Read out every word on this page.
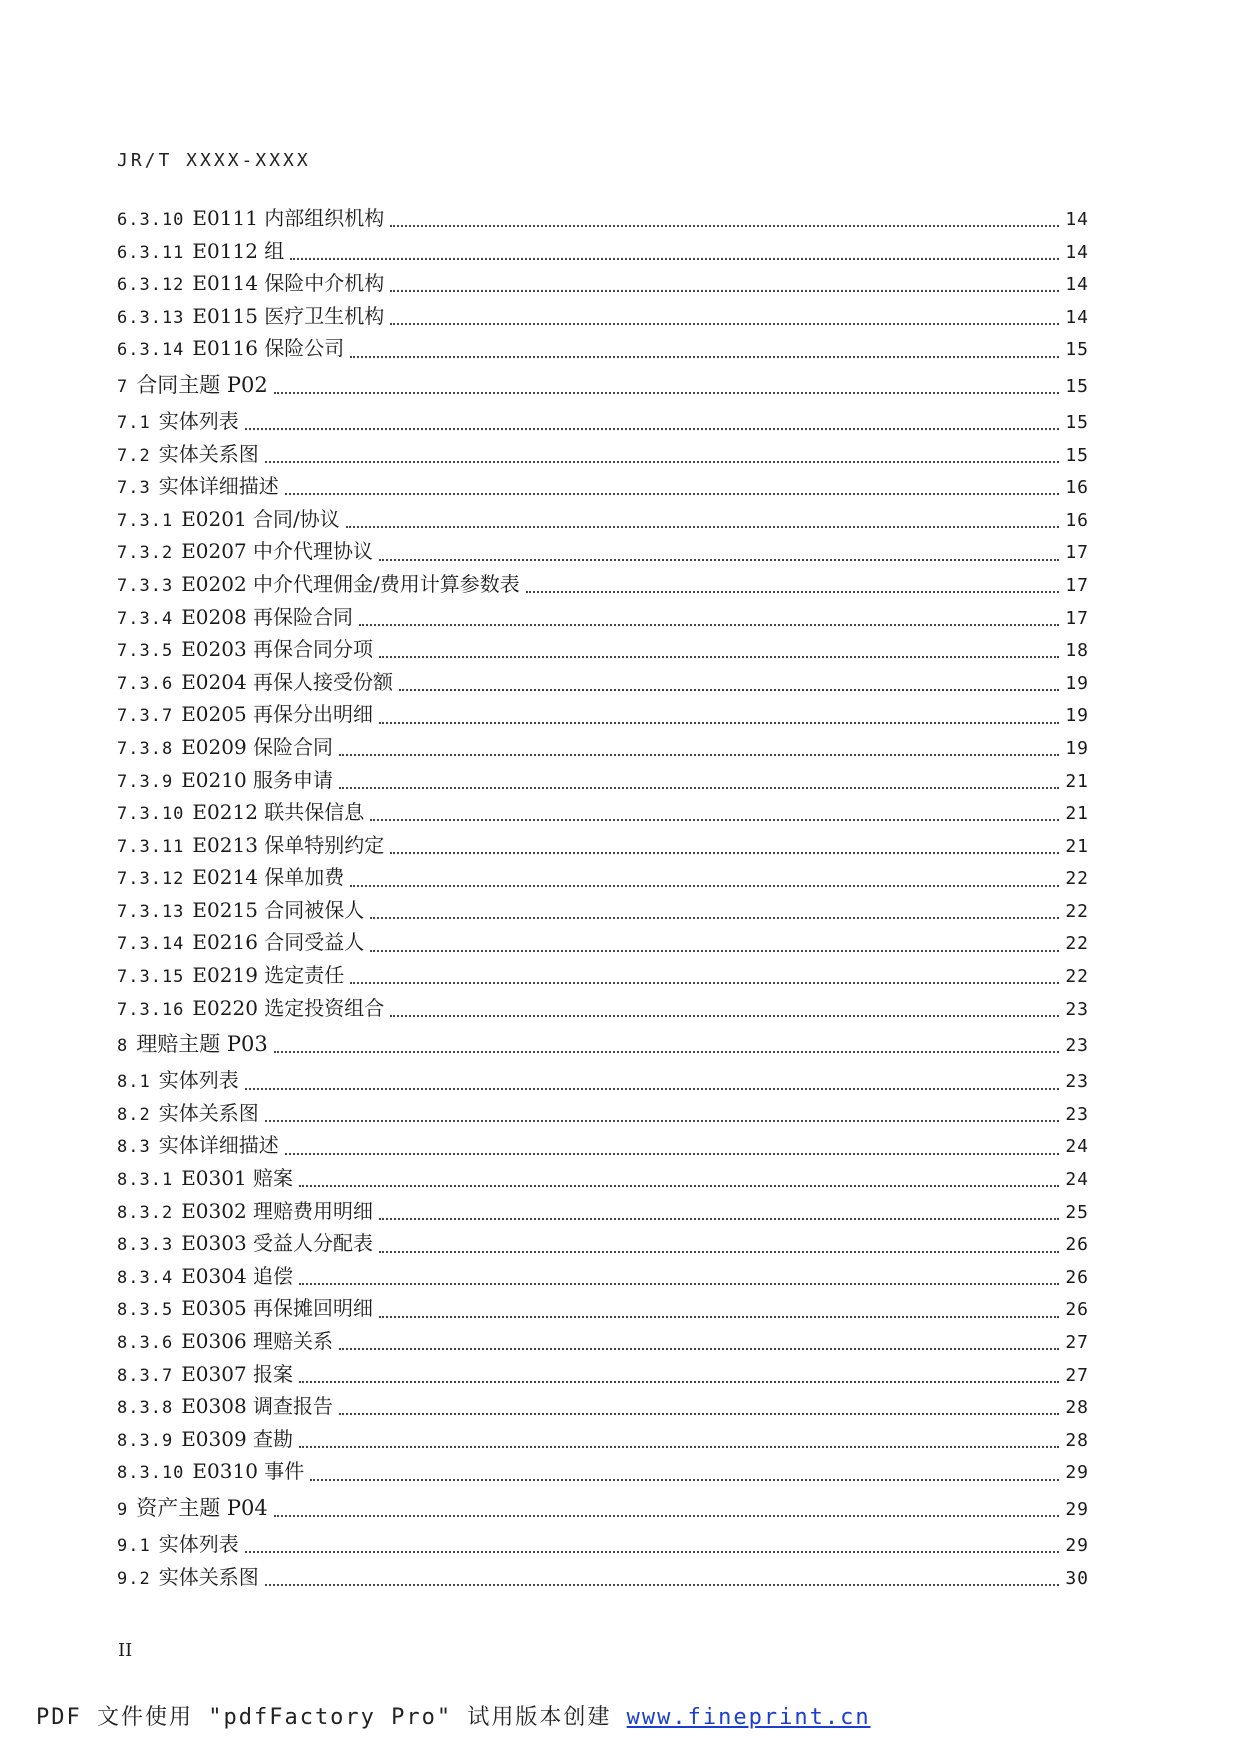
JR/T XXXX-XXXX
6.3.10 E0111 内部组织机构	14
6.3.11 E0112 组	14
6.3.12 E0114 保险中介机构	14
6.3.13 E0115 医疗卫生机构	14
6.3.14 E0116 保险公司	15
7 合同主题 P02	15
7.1 实体列表	15
7.2 实体关系图	15
7.3 实体详细描述	16
7.3.1 E0201 合同/协议	16
7.3.2 E0207 中介代理协议	17
7.3.3 E0202 中介代理佣金/费用计算参数表	17
7.3.4 E0208 再保险合同	17
7.3.5 E0203 再保合同分项	18
7.3.6 E0204 再保人接受份额	19
7.3.7 E0205 再保分出明细	19
7.3.8 E0209 保险合同	19
7.3.9 E0210 服务申请	21
7.3.10 E0212 联共保信息	21
7.3.11 E0213 保单特别约定	21
7.3.12 E0214 保单加费	22
7.3.13 E0215 合同被保人	22
7.3.14 E0216 合同受益人	22
7.3.15 E0219 选定责任	22
7.3.16 E0220 选定投资组合	23
8 理赔主题 P03	23
8.1 实体列表	23
8.2 实体关系图	23
8.3 实体详细描述	24
8.3.1 E0301 赔案	24
8.3.2 E0302 理赔费用明细	25
8.3.3 E0303 受益人分配表	26
8.3.4 E0304 追偿	26
8.3.5 E0305 再保摊回明细	26
8.3.6 E0306 理赔关系	27
8.3.7 E0307 报案	27
8.3.8 E0308 调查报告	28
8.3.9 E0309 查勘	28
8.3.10 E0310 事件	29
9 资产主题 P04	29
9.1 实体列表	29
9.2 实体关系图	30
II
PDF 文件使用 "pdfFactory Pro" 试用版本创建 www.fineprint.cn
